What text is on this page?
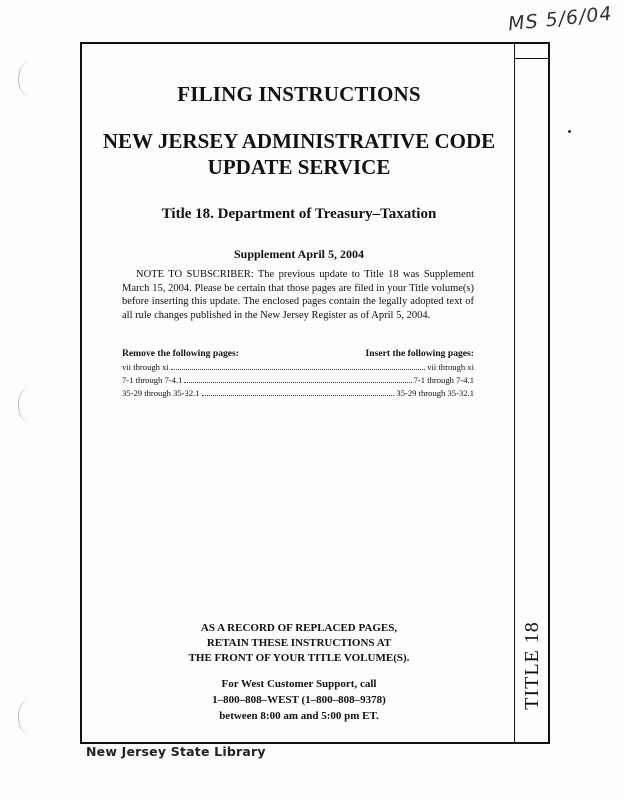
MS 5/6/04
TITLE 18
FILING INSTRUCTIONS
NEW JERSEY ADMINISTRATIVE CODE
UPDATE SERVICE
Title 18. Department of Treasury–Taxation
Supplement April 5, 2004
NOTE TO SUBSCRIBER: The previous update to Title 18 was Supplement March 15, 2004. Please be certain that those pages are filed in your Title volume(s) before inserting this update. The enclosed pages contain the legally adopted text of all rule changes published in the New Jersey Register as of April 5, 2004.
Remove the following pages:	Insert the following pages:
vii through xi	vii through xi
7-1 through 7-4.1	7-1 through 7-4.1
35-29 through 35-32.1	35-29 through 35-32.1
AS A RECORD OF REPLACED PAGES,
RETAIN THESE INSTRUCTIONS AT
THE FRONT OF YOUR TITLE VOLUME(S).
For West Customer Support, call
1–800–808–WEST (1–800–808–9378)
between 8:00 am and 5:00 pm ET.
New Jersey State Library
